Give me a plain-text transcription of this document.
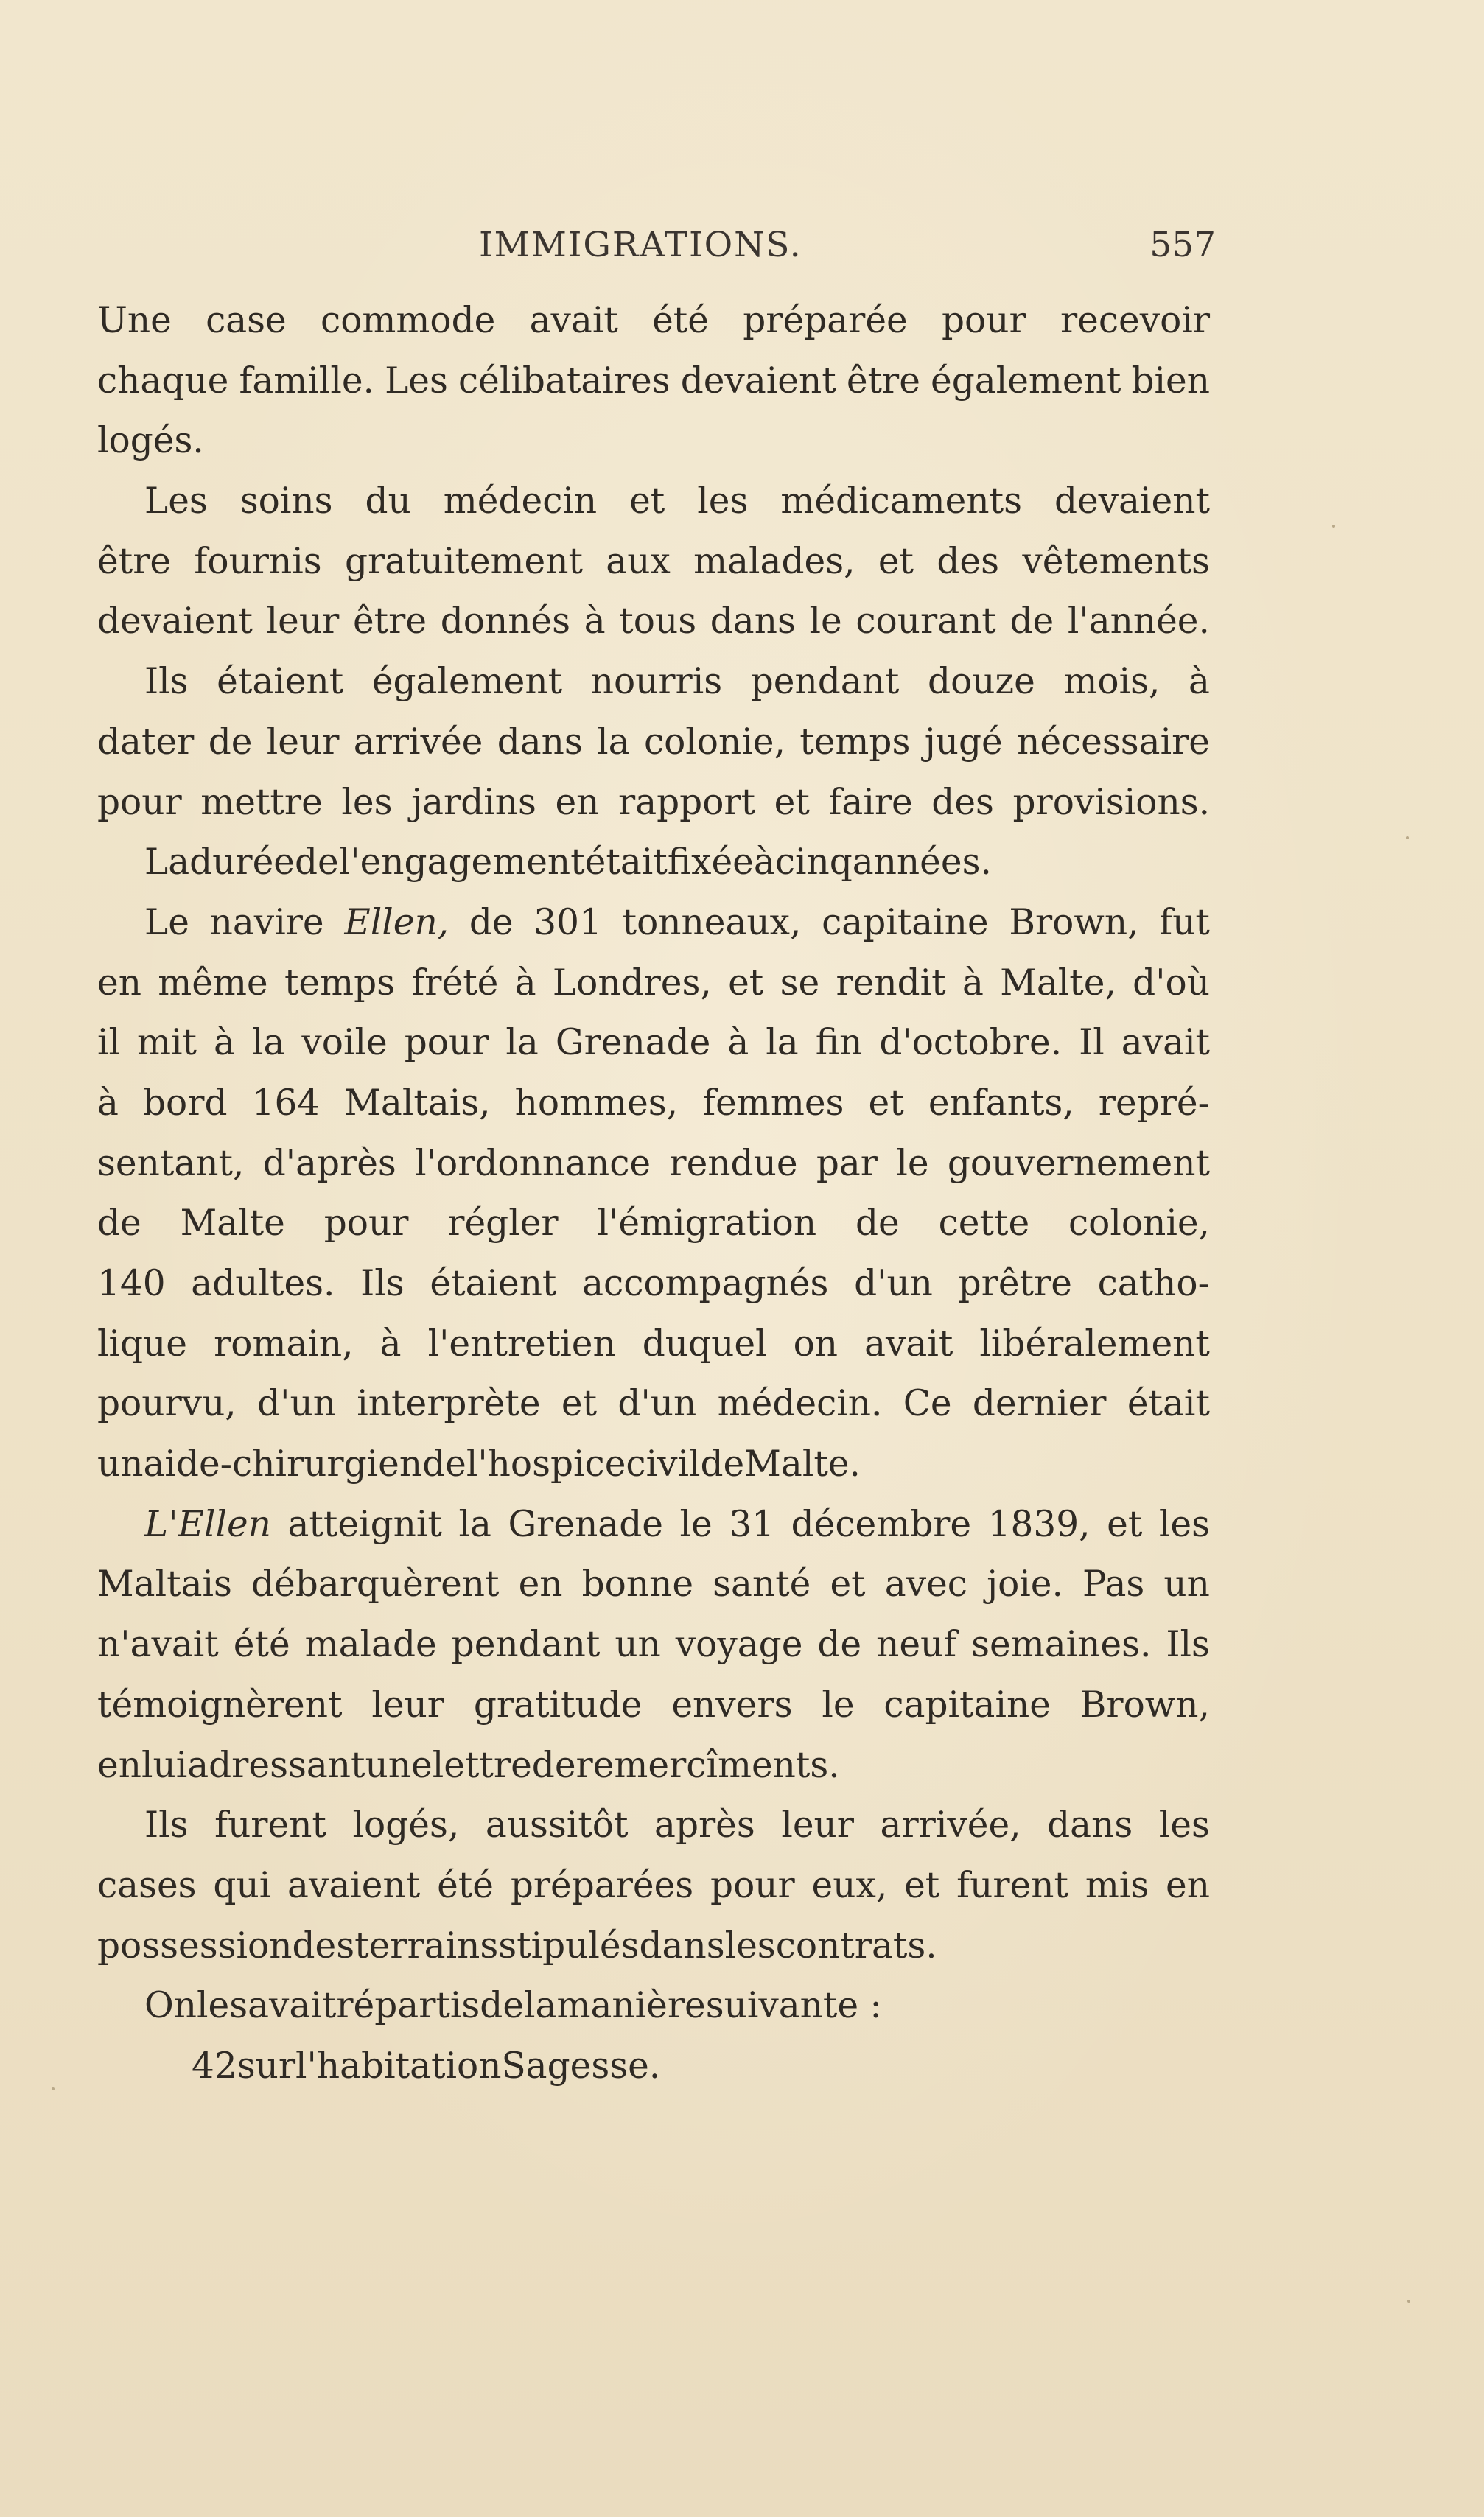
IMMIGRATIONS.	557
Une case commode avait été préparée pour recevoir
chaque famille. Les célibataires devaient être également bien
logés.
Les soins du médecin et les médicaments devaient
être fournis gratuitement aux malades, et des vêtements
devaient leur être donnés à tous dans le courant de l'année.
Ils étaient également nourris pendant douze mois, à
dater de leur arrivée dans la colonie, temps jugé nécessaire
pour mettre les jardins en rapport et faire des provisions.
La durée de l'engagement était fixée à cinq années.
Le navire Ellen, de 301 tonneaux, capitaine Brown, fut
en même temps frété à Londres, et se rendit à Malte, d'où
il mit à la voile pour la Grenade à la fin d'octobre. Il avait
à bord 164 Maltais, hommes, femmes et enfants, repré-
sentant, d'après l'ordonnance rendue par le gouvernement
de Malte pour régler l'émigration de cette colonie,
140 adultes. Ils étaient accompagnés d'un prêtre catho-
lique romain, à l'entretien duquel on avait libéralement
pourvu, d'un interprète et d'un médecin. Ce dernier était
un aide-chirurgien de l'hospice civil de Malte.
L'Ellen atteignit la Grenade le 31 décembre 1839, et les
Maltais débarquèrent en bonne santé et avec joie. Pas un
n'avait été malade pendant un voyage de neuf semaines. Ils
témoignèrent leur gratitude envers le capitaine Brown,
en lui adressant une lettre de remercîments.
Ils furent logés, aussitôt après leur arrivée, dans les
cases qui avaient été préparées pour eux, et furent mis en
possession des terrains stipulés dans les contrats.
On les avait répartis de la manière suivante :
42 sur l'habitation Sagesse.
